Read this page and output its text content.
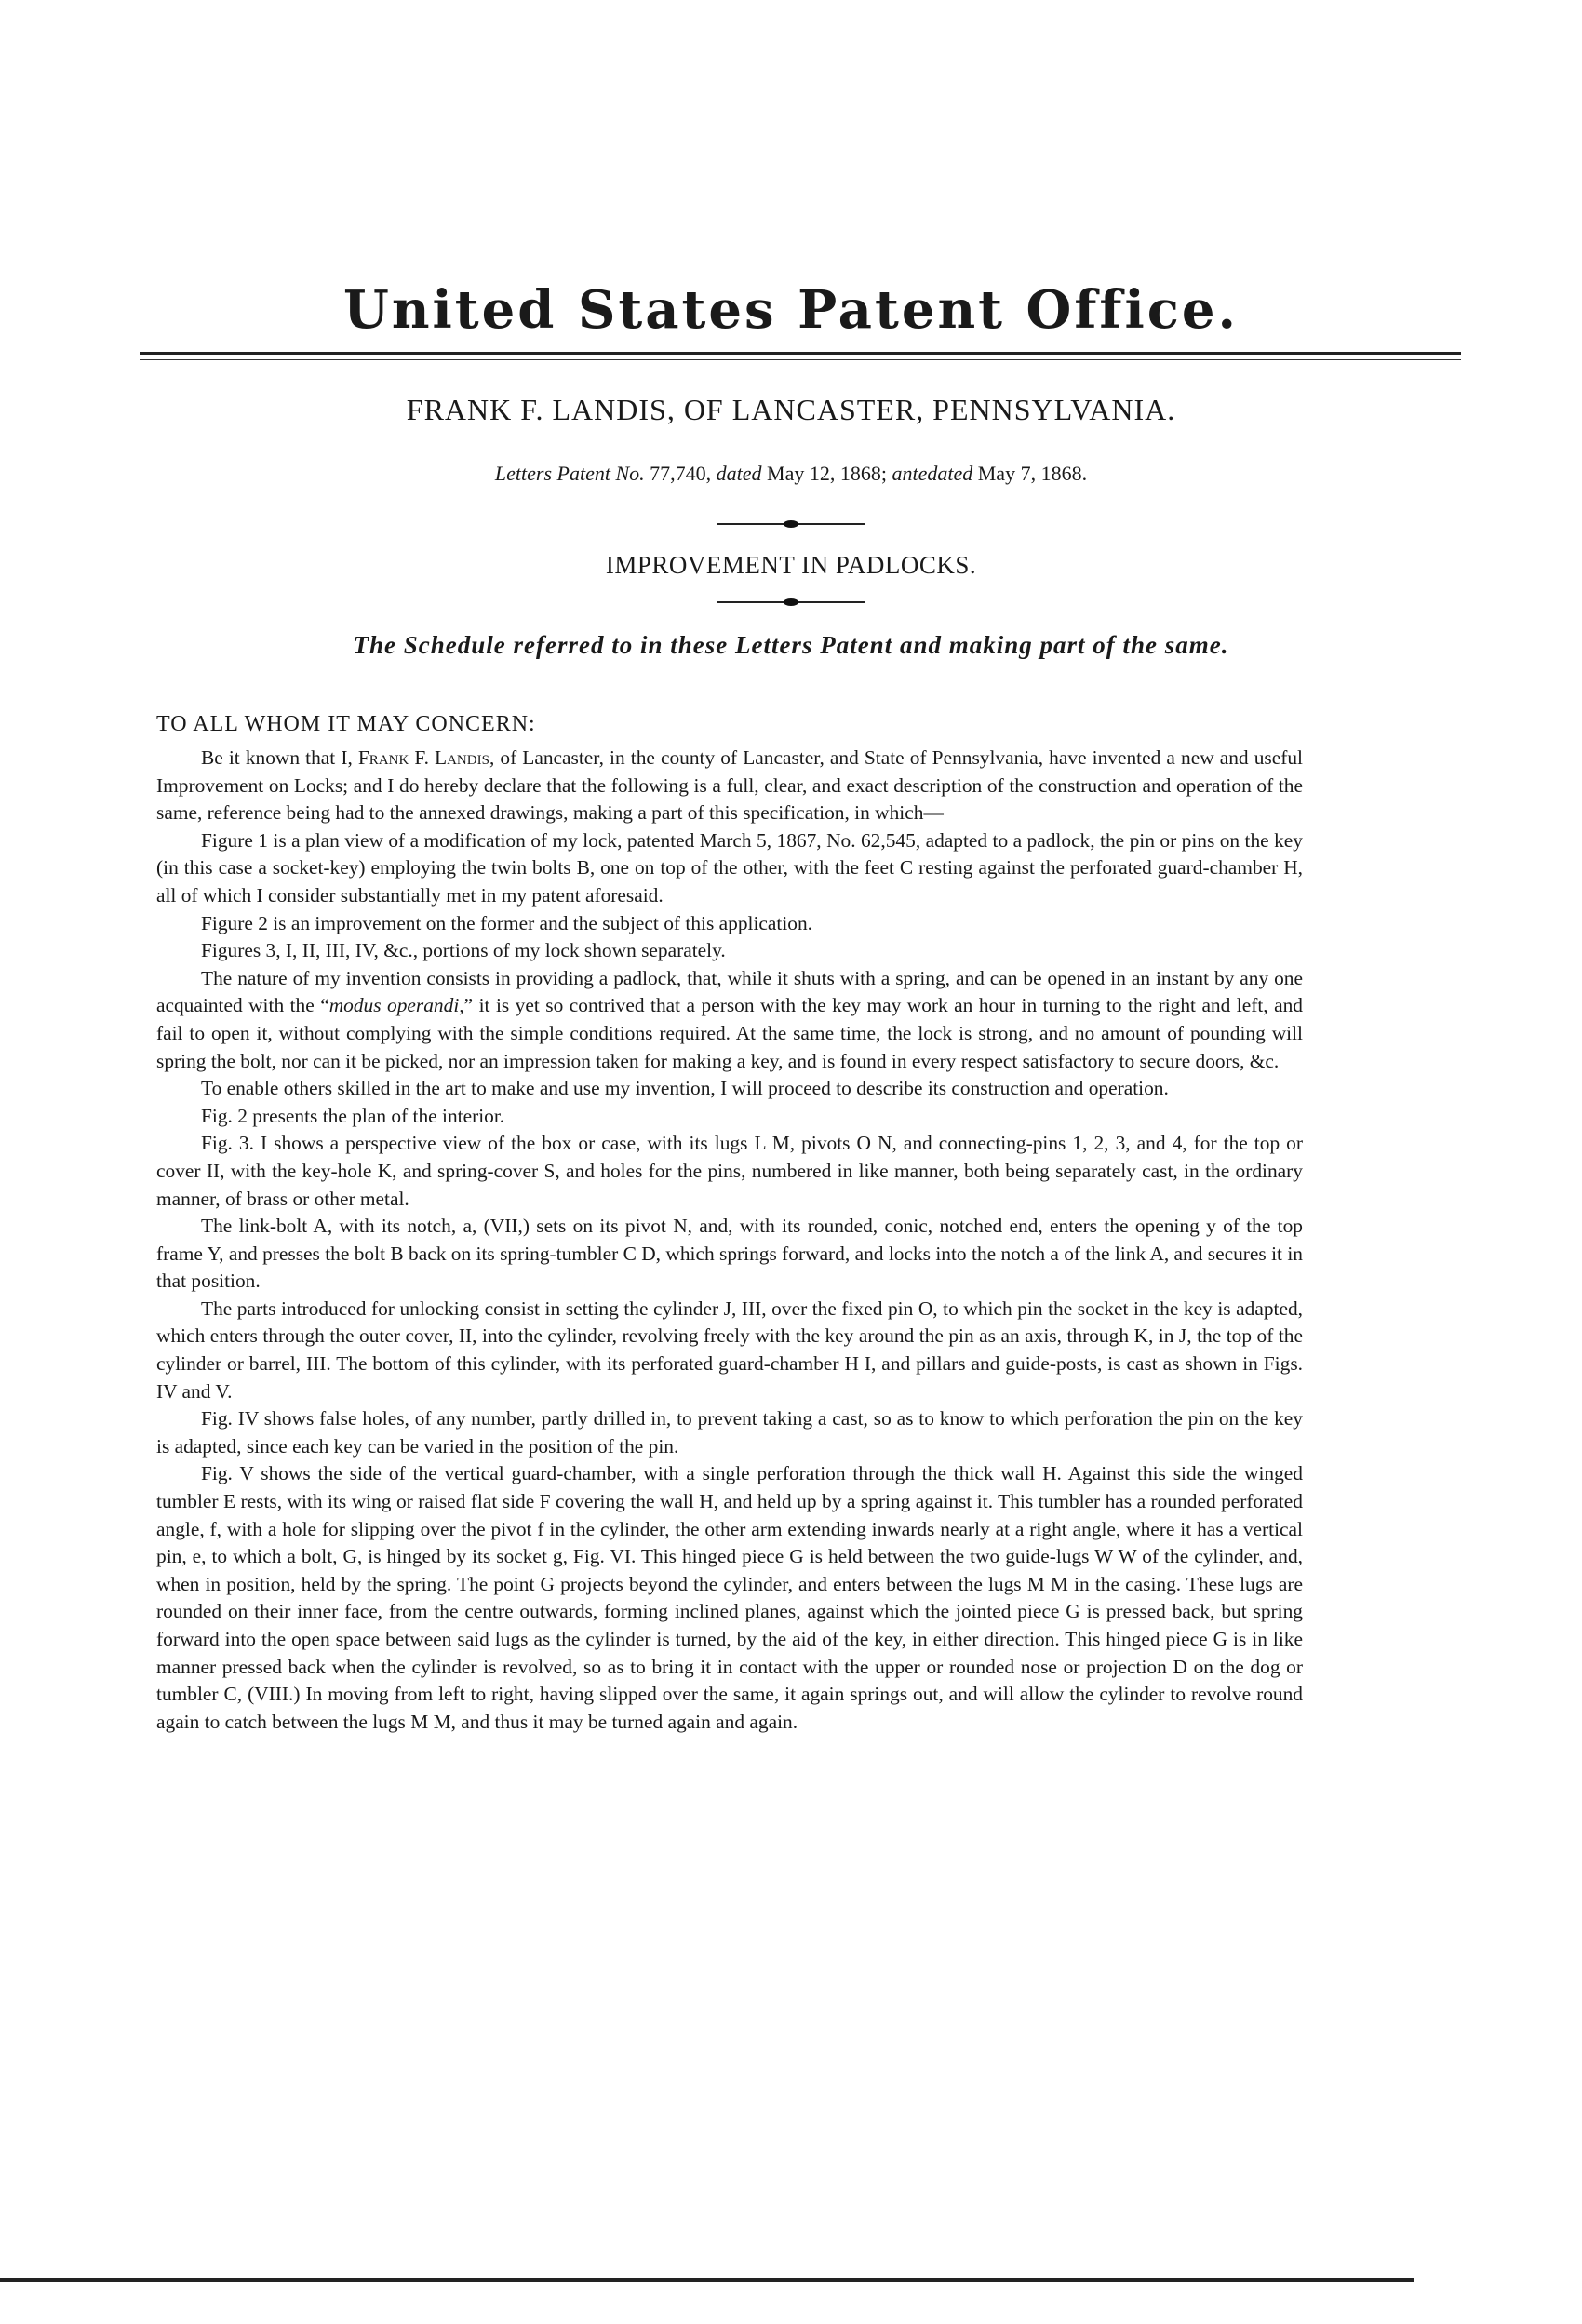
United States Patent Office.
FRANK F. LANDIS, OF LANCASTER, PENNSYLVANIA.
Letters Patent No. 77,740, dated May 12, 1868; antedated May 7, 1868.
IMPROVEMENT IN PADLOCKS.
The Schedule referred to in these Letters Patent and making part of the same.
TO ALL WHOM IT MAY CONCERN:

Be it known that I, Frank F. Landis, of Lancaster, in the county of Lancaster, and State of Pennsylvania, have invented a new and useful Improvement on Locks; and I do hereby declare that the following is a full, clear, and exact description of the construction and operation of the same, reference being had to the annexed drawings, making a part of this specification, in which—

Figure 1 is a plan view of a modification of my lock, patented March 5, 1867, No. 62,545, adapted to a padlock, the pin or pins on the key (in this case a socket-key) employing the twin bolts B, one on top of the other, with the feet C resting against the perforated guard-chamber H, all of which I consider substantially met in my patent aforesaid.

Figure 2 is an improvement on the former and the subject of this application.

Figures 3, I, II, III, IV, &c., portions of my lock shown separately.

The nature of my invention consists in providing a padlock, that, while it shuts with a spring, and can be opened in an instant by any one acquainted with the “modus operandi,” it is yet so contrived that a person with the key may work an hour in turning to the right and left, and fail to open it, without complying with the simple conditions required. At the same time, the lock is strong, and no amount of pounding will spring the bolt, nor can it be picked, nor an impression taken for making a key, and is found in every respect satisfactory to secure doors, &c.

To enable others skilled in the art to make and use my invention, I will proceed to describe its construction and operation.

Fig. 2 presents the plan of the interior.

Fig. 3. I shows a perspective view of the box or case, with its lugs L M, pivots O N, and connecting-pins 1, 2, 3, and 4, for the top or cover II, with the key-hole K, and spring-cover S, and holes for the pins, numbered in like manner, both being separately cast, in the ordinary manner, of brass or other metal.

The link-bolt A, with its notch, a, (VII,) sets on its pivot N, and, with its rounded, conic, notched end, enters the opening y of the top frame Y, and presses the bolt B back on its spring-tumbler C D, which springs forward, and locks into the notch a of the link A, and secures it in that position.

The parts introduced for unlocking consist in setting the cylinder J, III, over the fixed pin O, to which pin the socket in the key is adapted, which enters through the outer cover, II, into the cylinder, revolving freely with the key around the pin as an axis, through K, in J, the top of the cylinder or barrel, III. The bottom of this cylinder, with its perforated guard-chamber H I, and pillars and guide-posts, is cast as shown in Figs. IV and V.

Fig. IV shows false holes, of any number, partly drilled in, to prevent taking a cast, so as to know to which perforation the pin on the key is adapted, since each key can be varied in the position of the pin.

Fig. V shows the side of the vertical guard-chamber, with a single perforation through the thick wall H. Against this side the winged tumbler E rests, with its wing or raised flat side F covering the wall H, and held up by a spring against it. This tumbler has a rounded perforated angle, f, with a hole for slipping over the pivot f in the cylinder, the other arm extending inwards nearly at a right angle, where it has a vertical pin, e, to which a bolt, G, is hinged by its socket g, Fig. VI. This hinged piece G is held between the two guide-lugs W W of the cylinder, and, when in position, held by the spring. The point G projects beyond the cylinder, and enters between the lugs M M in the casing. These lugs are rounded on their inner face, from the centre outwards, forming inclined planes, against which the jointed piece G is pressed back, but spring forward into the open space between said lugs as the cylinder is turned, by the aid of the key, in either direction. This hinged piece G is in like manner pressed back when the cylinder is revolved, so as to bring it in contact with the upper or rounded nose or projection D on the dog or tumbler C, (VIII.) In moving from left to right, having slipped over the same, it again springs out, and will allow the cylinder to revolve round again to catch between the lugs M M, and thus it may be turned again and again.
